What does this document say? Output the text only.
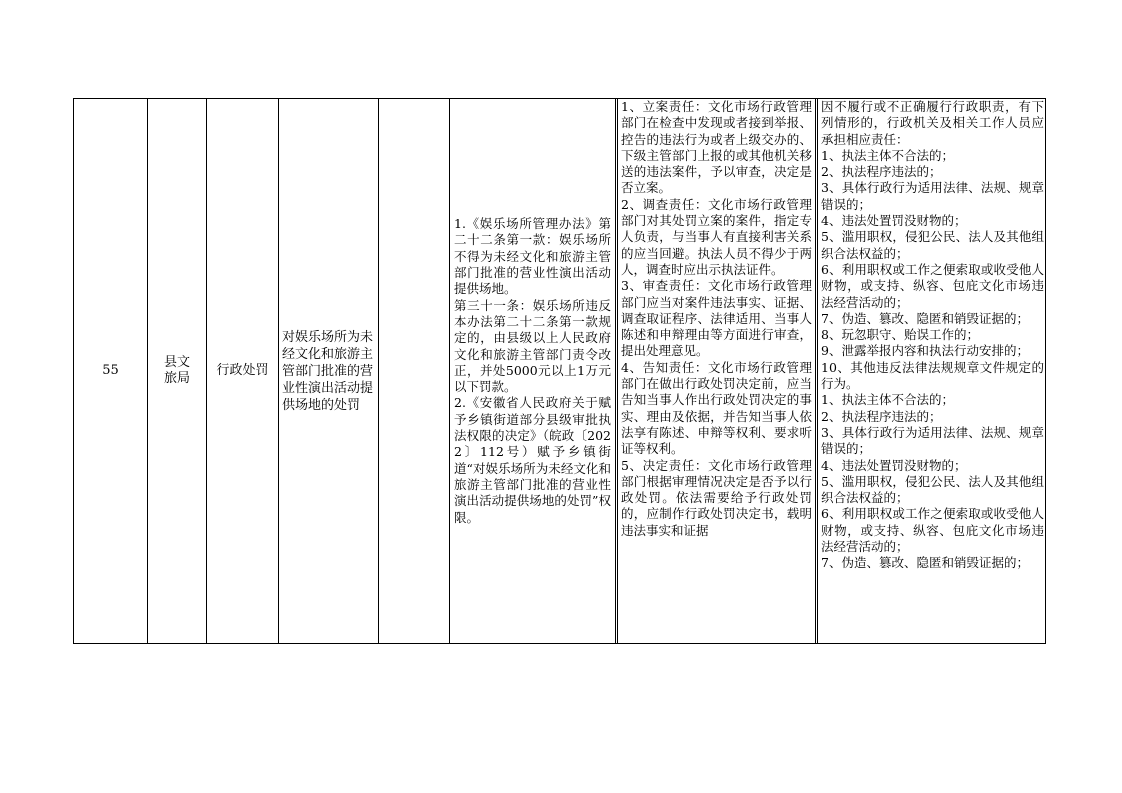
55
县文旅局
行政处罚
对娱乐场所为未经文化和旅游主管部门批准的营业性演出活动提供场地的处罚

1.《娱乐场所管理办法》第二十二条第一款：娱乐场所不得为未经文化和旅游主管部门批准的营业性演出活动提供场地。

第三十一条：娱乐场所违反本办法第二十二条第一款规定的，由县级以上人民政府文化和旅游主管部门责令改正，并处5000元以上1万元以下罚款。

2.《安徽省人民政府关于赋予乡镇街道部分县级审批执法权限的决定》（皖政〔2022〕112号）赋予乡镇街道“对娱乐场所为未经文化和旅游主管部门批准的营业性演出活动提供场地的处罚”权限。

1、立案责任：文化市场行政管理部门在检查中发现或者接到举报、控告的违法行为或者上级交办的、下级主管部门上报的或其他机关移送的违法案件，予以审查，决定是否立案。

2、调查责任：文化市场行政管理部门对其处罚立案的案件，指定专人负责，与当事人有直接利害关系的应当回避。执法人员不得少于两人，调查时应出示执法证件。

3、审查责任：文化市场行政管理部门应当对案件违法事实、证据、调查取证程序、法律适用、当事人陈述和申辩理由等方面进行审查，提出处理意见。

4、告知责任：文化市场行政管理部门在做出行政处罚决定前，应当告知当事人作出行政处罚决定的事实、理由及依据，并告知当事人依法享有陈述、申辩等权利、要求听证等权利。

5、决定责任：文化市场行政管理部门根据审理情况决定是否予以行政处罚。依法需要给予行政处罚的，应制作行政处罚决定书，载明违法事实和证据

因不履行或不正确履行行政职责，有下列情形的，行政机关及相关工作人员应承担相应责任：

1、执法主体不合法的；

2、执法程序违法的；

3、具体行政行为适用法律、法规、规章错误的；

4、违法处置罚没财物的；

5、滥用职权，侵犯公民、法人及其他组织合法权益的；

6、利用职权或工作之便索取或收受他人财物，或支持、纵容、包庇文化市场违法经营活动的；

7、伪造、篡改、隐匿和销毁证据的；

8、玩忽职守、贻误工作的；

9、泄露举报内容和执法行动安排的；

10、其他违反法律法规规章文件规定的行为。

1、执法主体不合法的；

2、执法程序违法的；

3、具体行政行为适用法律、法规、规章错误的；

4、违法处置罚没财物的；

5、滥用职权，侵犯公民、法人及其他组织合法权益的；

6、利用职权或工作之便索取或收受他人财物，或支持、纵容、包庇文化市场违法经营活动的；

7、伪造、篡改、隐匿和销毁证据的；
